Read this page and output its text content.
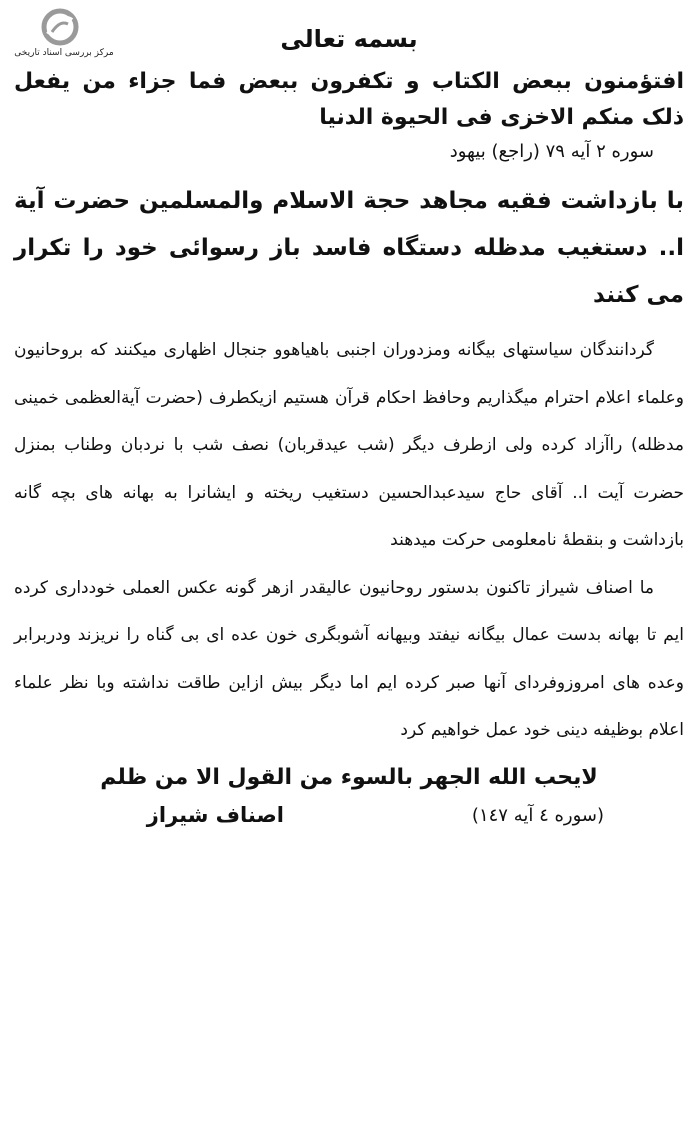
مرکز بررسی اسناد تاریخی	بسمه تعالی
افتؤمنون ببعض الکتاب و تکفرون ببعض فما جزاء من یفعل ذلک منکم الاخزی فی الحیوة الدنیا
سوره ۲ آیه ۷۹ (راجع) بیهود
با بازداشت فقیه مجاهد حجة الاسلام والمسلمین حضرت آیة ا.. دستغیب مدظله دستگاه فاسد باز رسوائی خود را تکرار می کنند
گردانندگان سیاستهای بیگانه ومزدوران اجنبی باهیاهوو جنجال اظهاری میکنند که بروحانیون وعلماء اعلام احترام میگذاریم وحافظ احکام قرآن هستیم ازیکطرف (حضرت آیةالعظمی خمینی مدظله) راآزاد کرده ولی ازطرف دیگر (شب عیدقربان) نصف شب با نردبان وطناب بمنزل حضرت آیت ا.. آقای حاج سیدعبدالحسین دستغیب ریخته و ایشانرا به بهانه های بچه گانه بازداشت و بنقطهٔ نامعلومی حرکت میدهند
ما اصناف شیراز تاکنون بدستور روحانیون عالیقدر ازهر گونه عکس العملی خودداری کرده ایم تا بهانه بدست عمال بیگانه نیفتد وبیهانه آشوبگری خون عده ای بی گناه را نریزند ودربرابر وعده های امروزوفردای آنها صبر کرده ایم اما دیگر بیش ازاین طاقت نداشته وبا نظر علماء اعلام بوظیفه دینی خود عمل خواهیم کرد
لایحب الله الجهر بالسوء من القول الا من ظلم
اصناف شیراز	(سوره ٤ آیه ١٤٧)
